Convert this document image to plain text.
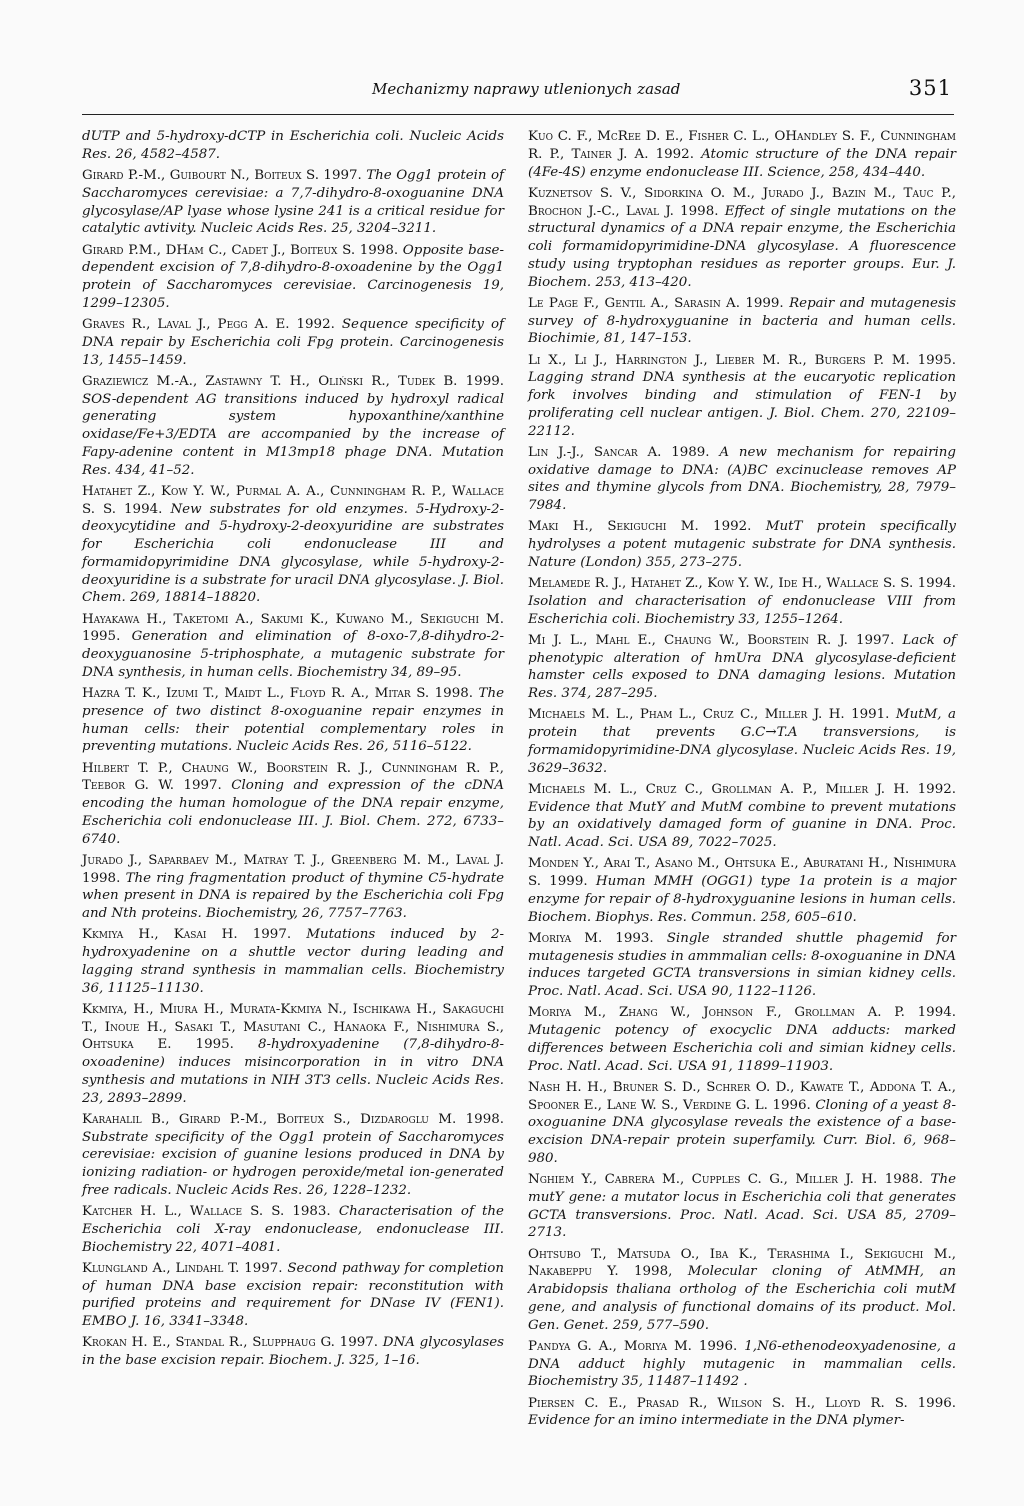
Mechanizmy naprawy utlenionych zasad	351

dUTP and 5-hydroxy-dCTP in Escherichia coli. Nucleic Acids Res. 26, 4582–4587.

Girard P.-M., Guibourt N., Boiteux S. 1997. The Ogg1 protein of Saccharomyces cerevisiae: a 7,7-dihydro-8-oxoguanine DNA glycosylase/AP lyase whose lysine 241 is a critical residue for catalytic avtivity. Nucleic Acids Res. 25, 3204–3211.

Girard P.M., DHam C., Cadet J., Boiteux S. 1998. Opposite base-dependent excision of 7,8-dihydro-8-oxoadenine by the Ogg1 protein of Saccharomyces cerevisiae. Carcinogenesis 19, 1299–12305.

Graves R., Laval J., Pegg A. E. 1992. Sequence specificity of DNA repair by Escherichia coli Fpg protein. Carcinogenesis 13, 1455–1459.

Graziewicz M.-A., Zastawny T. H., Oliński R., Tudek B. 1999. SOS-dependent AG transitions induced by hydroxyl radical generating system hypoxanthine/xanthine oxidase/Fe+3/EDTA are accompanied by the increase of Fapy-adenine content in M13mp18 phage DNA. Mutation Res. 434, 41–52.

Hatahet Z., Kow Y. W., Purmal A. A., Cunningham R. P., Wallace S. S. 1994. New substrates for old enzymes. 5-Hydroxy-2-deoxycytidine and 5-hydroxy-2-deoxyuridine are substrates for Escherichia coli endonuclease III and formamidopyrimidine DNA glycosylase, while 5-hydroxy-2-deoxyuridine is a substrate for uracil DNA glycosylase. J. Biol. Chem. 269, 18814–18820.

Hayakawa H., Taketomi A., Sakumi K., Kuwano M., Sekiguchi M. 1995. Generation and elimination of 8-oxo-7,8-dihydro-2-deoxyguanosine 5-triphosphate, a mutagenic substrate for DNA synthesis, in human cells. Biochemistry 34, 89–95.

Hazra T. K., Izumi T., Maidt L., Floyd R. A., Mitar S. 1998. The presence of two distinct 8-oxoguanine repair enzymes in human cells: their potential complementary roles in preventing mutations. Nucleic Acids Res. 26, 5116–5122.

Hilbert T. P., Chaung W., Boorstein R. J., Cunningham R. P., Teebor G. W. 1997. Cloning and expression of the cDNA encoding the human homologue of the DNA repair enzyme, Escherichia coli endonuclease III. J. Biol. Chem. 272, 6733–6740.

Jurado J., Saparbaev M., Matray T. J., Greenberg M. M., Laval J. 1998. The ring fragmentation product of thymine C5-hydrate when present in DNA is repaired by the Escherichia coli Fpg and Nth proteins. Biochemistry, 26, 7757–7763.

Kkmiya H., Kasai H. 1997. Mutations induced by 2-hydroxyadenine on a shuttle vector during leading and lagging strand synthesis in mammalian cells. Biochemistry 36, 11125–11130.

Kkmiya, H., Miura H., Murata-Kkmiya N., Ischikawa H., Sakaguchi T., Inoue H., Sasaki T., Masutani C., Hanaoka F., Nishimura S., Ohtsuka E. 1995. 8-hydroxyadenine (7,8-dihydro-8-oxoadenine) induces misincorporation in in vitro DNA synthesis and mutations in NIH 3T3 cells. Nucleic Acids Res. 23, 2893–2899.

Karahalil B., Girard P.-M., Boiteux S., Dizdaroglu M. 1998. Substrate specificity of the Ogg1 protein of Saccharomyces cerevisiae: excision of guanine lesions produced in DNA by ionizing radiation- or hydrogen peroxide/metal ion-generated free radicals. Nucleic Acids Res. 26, 1228–1232.

Katcher H. L., Wallace S. S. 1983. Characterisation of the Escherichia coli X-ray endonuclease, endonuclease III. Biochemistry 22, 4071–4081.

Klungland A., Lindahl T. 1997. Second pathway for completion of human DNA base excision repair: reconstitution with purified proteins and requirement for DNase IV (FEN1). EMBO J. 16, 3341–3348.

Krokan H. E., Standal R., Slupphaug G. 1997. DNA glycosylases in the base excision repair. Biochem. J. 325, 1–16.

Kuo C. F., McRee D. E., Fisher C. L., OHandley S. F., Cunningham R. P., Tainer J. A. 1992. Atomic structure of the DNA repair (4Fe-4S) enzyme endonuclease III. Science, 258, 434–440.

Kuznetsov S. V., Sidorkina O. M., Jurado J., Bazin M., Tauc P., Brochon J.-C., Laval J. 1998. Effect of single mutations on the structural dynamics of a DNA repair enzyme, the Escherichia coli formamidopyrimidine-DNA glycosylase. A fluorescence study using tryptophan residues as reporter groups. Eur. J. Biochem. 253, 413–420.

Le Page F., Gentil A., Sarasin A. 1999. Repair and mutagenesis survey of 8-hydroxyguanine in bacteria and human cells. Biochimie, 81, 147–153.

Li X., Li J., Harrington J., Lieber M. R., Burgers P. M. 1995. Lagging strand DNA synthesis at the eucaryotic replication fork involves binding and stimulation of FEN-1 by proliferating cell nuclear antigen. J. Biol. Chem. 270, 22109–22112.

Lin J.-J., Sancar A. 1989. A new mechanism for repairing oxidative damage to DNA: (A)BC excinuclease removes AP sites and thymine glycols from DNA. Biochemistry, 28, 7979–7984.

Maki H., Sekiguchi M. 1992. MutT protein specifically hydrolyses a potent mutagenic substrate for DNA synthesis. Nature (London) 355, 273–275.

Melamede R. J., Hatahet Z., Kow Y. W., Ide H., Wallace S. S. 1994. Isolation and characterisation of endonuclease VIII from Escherichia coli. Biochemistry 33, 1255–1264.

Mi J. L., Mahl E., Chaung W., Boorstein R. J. 1997. Lack of phenotypic alteration of hmUra DNA glycosylase-deficient hamster cells exposed to DNA damaging lesions. Mutation Res. 374, 287–295.

Michaels M. L., Pham L., Cruz C., Miller J. H. 1991. MutM, a protein that prevents G.C→T.A transversions, is formamidopyrimidine-DNA glycosylase. Nucleic Acids Res. 19, 3629–3632.

Michaels M. L., Cruz C., Grollman A. P., Miller J. H. 1992. Evidence that MutY and MutM combine to prevent mutations by an oxidatively damaged form of guanine in DNA. Proc. Natl. Acad. Sci. USA 89, 7022–7025.

Monden Y., Arai T., Asano M., Ohtsuka E., Aburatani H., Nishimura S. 1999. Human MMH (OGG1) type 1a protein is a major enzyme for repair of 8-hydroxyguanine lesions in human cells. Biochem. Biophys. Res. Commun. 258, 605–610.

Moriya M. 1993. Single stranded shuttle phagemid for mutagenesis studies in ammmalian cells: 8-oxoguanine in DNA induces targeted GCTA transversions in simian kidney cells. Proc. Natl. Acad. Sci. USA 90, 1122–1126.

Moriya M., Zhang W., Johnson F., Grollman A. P. 1994. Mutagenic potency of exocyclic DNA adducts: marked differences between Escherichia coli and simian kidney cells. Proc. Natl. Acad. Sci. USA 91, 11899–11903.

Nash H. H., Bruner S. D., Schrer O. D., Kawate T., Addona T. A., Spooner E., Lane W. S., Verdine G. L. 1996. Cloning of a yeast 8-oxoguanine DNA glycosylase reveals the existence of a base-excision DNA-repair protein superfamily. Curr. Biol. 6, 968–980.

Nghiem Y., Cabrera M., Cupples C. G., Miller J. H. 1988. The mutY gene: a mutator locus in Escherichia coli that generates GCTA transversions. Proc. Natl. Acad. Sci. USA 85, 2709–2713.

Ohtsubo T., Matsuda O., Iba K., Terashima I., Sekiguchi M., Nakabeppu Y. 1998, Molecular cloning of AtMMH, an Arabidopsis thaliana ortholog of the Escherichia coli mutM gene, and analysis of functional domains of its product. Mol. Gen. Genet. 259, 577–590.

Pandya G. A., Moriya M. 1996. 1,N6-ethenodeoxyadenosine, a DNA adduct highly mutagenic in mammalian cells. Biochemistry 35, 11487–11492 .

Piersen C. E., Prasad R., Wilson S. H., Lloyd R. S. 1996. Evidence for an imino intermediate in the DNA plymer-
